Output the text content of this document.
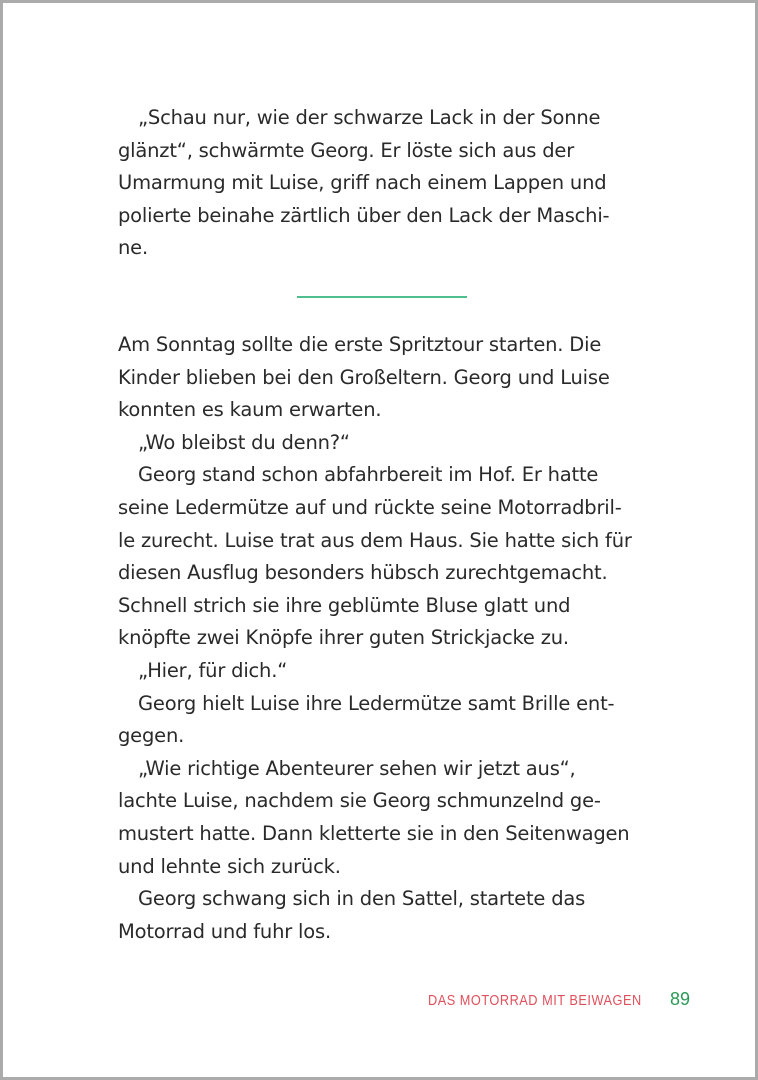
„Schau nur, wie der schwarze Lack in der Sonne
glänzt“, schwärmte Georg. Er löste sich aus der
Umarmung mit Luise, griff nach einem Lappen und
polierte beinahe zärtlich über den Lack der Maschi-
ne.
Am Sonntag sollte die erste Spritztour starten. Die
Kinder blieben bei den Großeltern. Georg und Luise
konnten es kaum erwarten.
„Wo bleibst du denn?“
Georg stand schon abfahrbereit im Hof. Er hatte
seine Ledermütze auf und rückte seine Motorradbril-
le zurecht. Luise trat aus dem Haus. Sie hatte sich für
diesen Ausflug besonders hübsch zurechtgemacht.
Schnell strich sie ihre geblümte Bluse glatt und
knöpfte zwei Knöpfe ihrer guten Strickjacke zu.
„Hier, für dich.“
Georg hielt Luise ihre Ledermütze samt Brille ent-
gegen.
„Wie richtige Abenteurer sehen wir jetzt aus“,
lachte Luise, nachdem sie Georg schmunzelnd ge-
mustert hatte. Dann kletterte sie in den Seitenwagen
und lehnte sich zurück.
Georg schwang sich in den Sattel, startete das
Motorrad und fuhr los.
DAS MOTORRAD MIT BEIWAGEN 89
